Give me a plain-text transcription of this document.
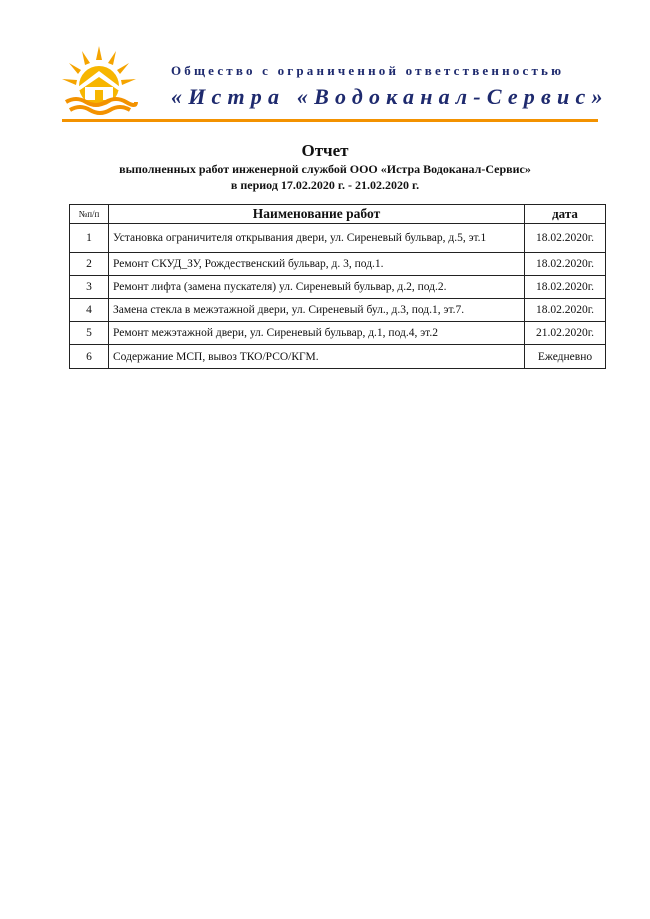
Общество с ограниченной ответственностью
«Истра «Водоканал-Сервис»
Отчет
выполненных работ инженерной службой ООО «Истра Водоканал-Сервис»
в период 17.02.2020 г. - 21.02.2020 г.
№п/п	Наименование работ	дата
1	Установка ограничителя открывания двери, ул. Сиреневый бульвар, д.5, эт.1	18.02.2020г.
2	Ремонт СКУД_ЗУ, Рождественский бульвар, д. 3, под.1.	18.02.2020г.
3	Ремонт лифта (замена пускателя) ул. Сиреневый бульвар, д.2, под.2.	18.02.2020г.
4	Замена стекла в межэтажной двери, ул. Сиреневый бул., д.3, под.1, эт.7.	18.02.2020г.
5	Ремонт межэтажной двери, ул. Сиреневый бульвар, д.1, под.4, эт.2	21.02.2020г.
6	Содержание МСП, вывоз ТКО/РСО/КГМ.	Ежедневно
